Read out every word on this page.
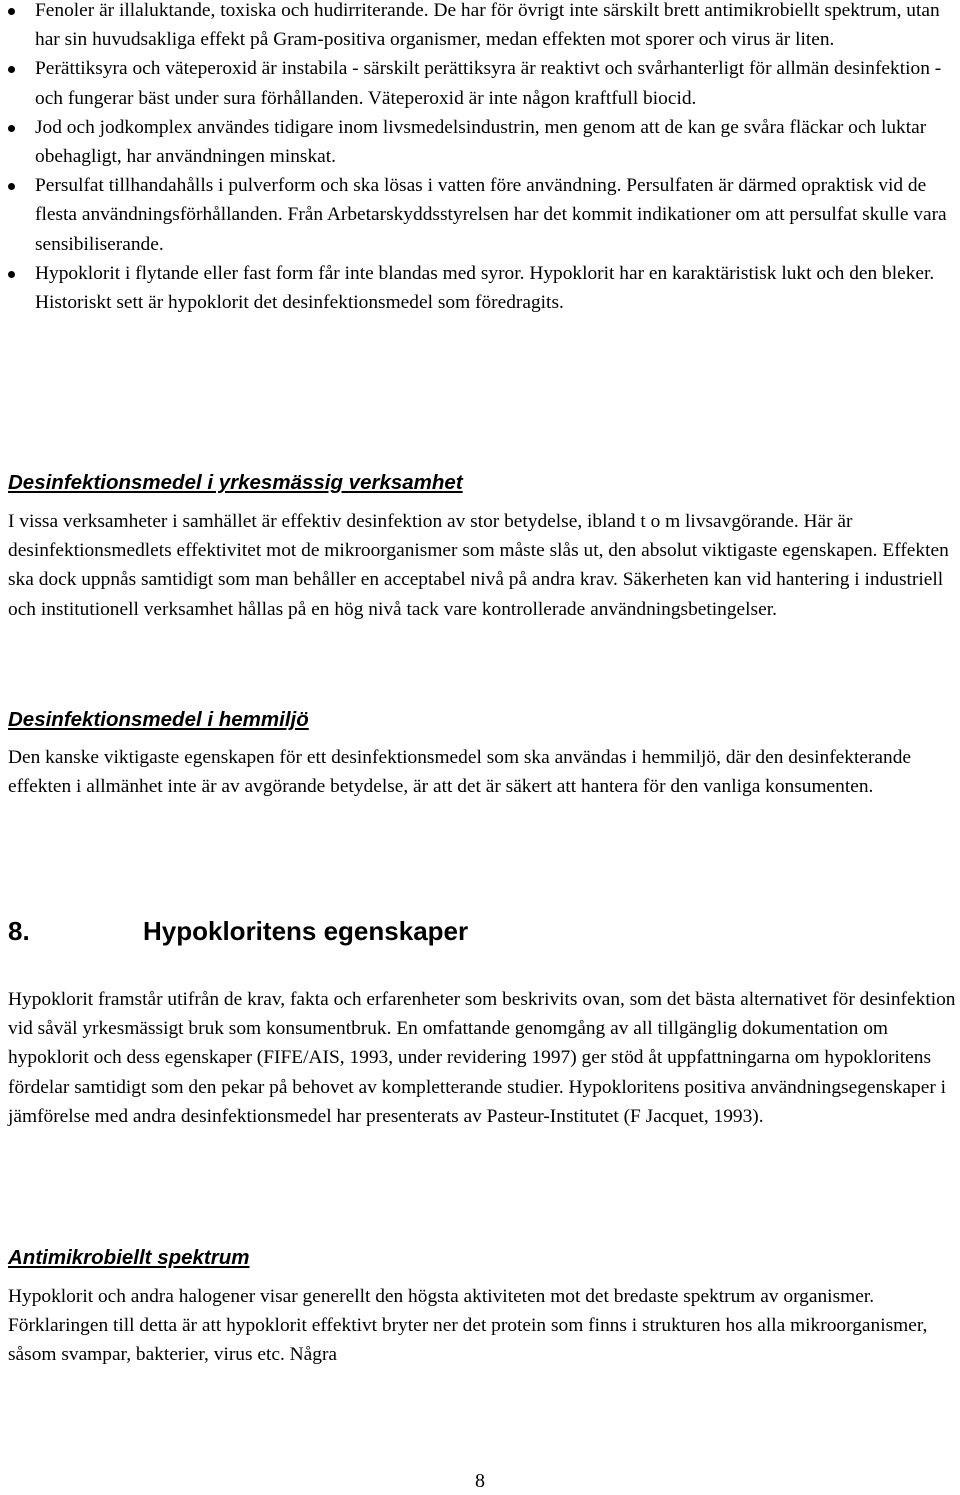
Fenoler är illaluktande, toxiska och hudirriterande. De har för övrigt inte särskilt brett antimikrobiellt spektrum, utan har sin huvudsakliga effekt på Gram-positiva organismer, medan effekten mot sporer och virus är liten.
Perättiksyra och väteperoxid är instabila - särskilt perättiksyra är reaktivt och svårhanterligt för allmän desinfektion - och fungerar bäst under sura förhållanden. Väteperoxid är inte någon kraftfull biocid.
Jod och jodkomplex användes tidigare inom livsmedelsindustrin, men genom att de kan ge svåra fläckar och luktar obehagligt, har användningen minskat.
Persulfat tillhandahålls i pulverform och ska lösas i vatten före användning. Persulfaten är därmed opraktisk vid de flesta användningsförhållanden. Från Arbetarskyddsstyrelsen har det kommit indikationer om att persulfat skulle vara sensibiliserande.
Hypoklorit i flytande eller fast form får inte blandas med syror. Hypoklorit har en karaktäristisk lukt och den bleker. Historiskt sett är hypoklorit det desinfektionsmedel som föredragits.
Desinfektionsmedel i yrkesmässig verksamhet

I vissa verksamheter i samhället är effektiv desinfektion av stor betydelse, ibland t o m livsavgörande. Här är desinfektionsmedlets effektivitet mot de mikroorganismer som måste slås ut, den absolut viktigaste egenskapen. Effekten ska dock uppnås samtidigt som man behåller en acceptabel nivå på andra krav. Säkerheten kan vid hantering i industriell och institutionell verksamhet hållas på en hög nivå tack vare kontrollerade användningsbetingelser.

Desinfektionsmedel i hemmiljö

Den kanske viktigaste egenskapen för ett desinfektionsmedel som ska användas i hemmiljö, där den desinfekterande effekten i allmänhet inte är av avgörande betydelse, är att det är säkert att hantera för den vanliga konsumenten.

8.	Hypokloritens egenskaper

Hypoklorit framstår utifrån de krav, fakta och erfarenheter som beskrivits ovan, som det bästa alternativet för desinfektion vid såväl yrkesmässigt bruk som konsumentbruk. En omfattande genomgång av all tillgänglig dokumentation om hypoklorit och dess egenskaper (FIFE/AIS, 1993, under revidering 1997) ger stöd åt uppfattningarna om hypokloritens fördelar samtidigt som den pekar på behovet av kompletterande studier. Hypokloritens positiva användningsegenskaper i jämförelse med andra desinfektionsmedel har presenterats av Pasteur-Institutet (F Jacquet, 1993).

Antimikrobiellt spektrum

Hypoklorit och andra halogener visar generellt den högsta aktiviteten mot det bredaste spektrum av organismer. Förklaringen till detta är att hypoklorit effektivt bryter ner det protein som finns i strukturen hos alla mikroorganismer, såsom svampar, bakterier, virus etc. Några

8
